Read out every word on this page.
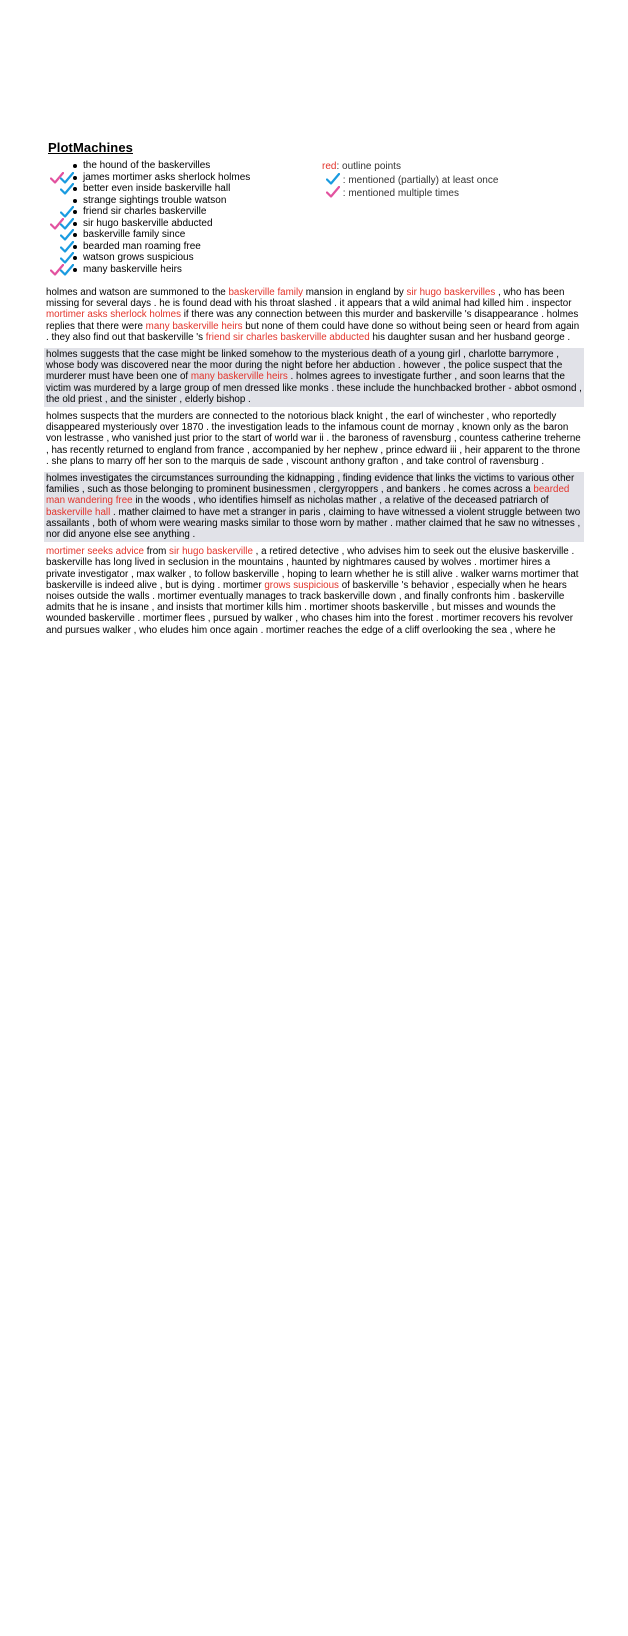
PlotMachines
the hound of the baskervilles
james mortimer asks sherlock holmes
better even inside baskerville hall
strange sightings trouble watson
friend sir charles baskerville
sir hugo baskerville abducted
baskerville family since
bearded man roaming free
watson grows suspicious
many baskerville heirs
red: outline points
: mentioned (partially) at least once
: mentioned multiple times
holmes and watson are summoned to the baskerville family mansion in england by sir hugo baskervilles , who has been missing for several days . he is found dead with his throat slashed . it appears that a wild animal had killed him . inspector mortimer asks sherlock holmes if there was any connection between this murder and baskerville 's disappearance . holmes replies that there were many baskerville heirs but none of them could have done so without being seen or heard from again . they also find out that baskerville 's friend sir charles baskerville abducted his daughter susan and her husband george .
holmes suggests that the case might be linked somehow to the mysterious death of a young girl , charlotte barrymore , whose body was discovered near the moor during the night before her abduction . however , the police suspect that the murderer must have been one of many baskerville heirs . holmes agrees to investigate further , and soon learns that the victim was murdered by a large group of men dressed like monks . these include the hunchbacked brother - abbot osmond , the old priest , and the sinister , elderly bishop .
holmes suspects that the murders are connected to the notorious black knight , the earl of winchester , who reportedly disappeared mysteriously over 1870 . the investigation leads to the infamous count de mornay , known only as the baron von lestrasse , who vanished just prior to the start of world war ii . the baroness of ravensburg , countess catherine treherne , has recently returned to england from france , accompanied by her nephew , prince edward iii , heir apparent to the throne . she plans to marry off her son to the marquis de sade , viscount anthony grafton , and take control of ravensburg .
holmes investigates the circumstances surrounding the kidnapping , finding evidence that links the victims to various other families , such as those belonging to prominent businessmen , clergyroppers , and bankers . he comes across a bearded man wandering free in the woods , who identifies himself as nicholas mather , a relative of the deceased patriarch of baskerville hall . mather claimed to have met a stranger in paris , claiming to have witnessed a violent struggle between two assailants , both of whom were wearing masks similar to those worn by mather . mather claimed that he saw no witnesses , nor did anyone else see anything .
mortimer seeks advice from sir hugo baskerville , a retired detective , who advises him to seek out the elusive baskerville . baskerville has long lived in seclusion in the mountains , haunted by nightmares caused by wolves . mortimer hires a private investigator , max walker , to follow baskerville , hoping to learn whether he is still alive . walker warns mortimer that baskerville is indeed alive , but is dying . mortimer grows suspicious of baskerville 's behavior , especially when he hears noises outside the walls . mortimer eventually manages to track baskerville down , and finally confronts him . baskerville admits that he is insane , and insists that mortimer kills him . mortimer shoots baskerville , but misses and wounds the wounded baskerville . mortimer flees , pursued by walker , who chases him into the forest . mortimer recovers his revolver and pursues walker , who eludes him once again . mortimer reaches the edge of a cliff overlooking the sea , where he
